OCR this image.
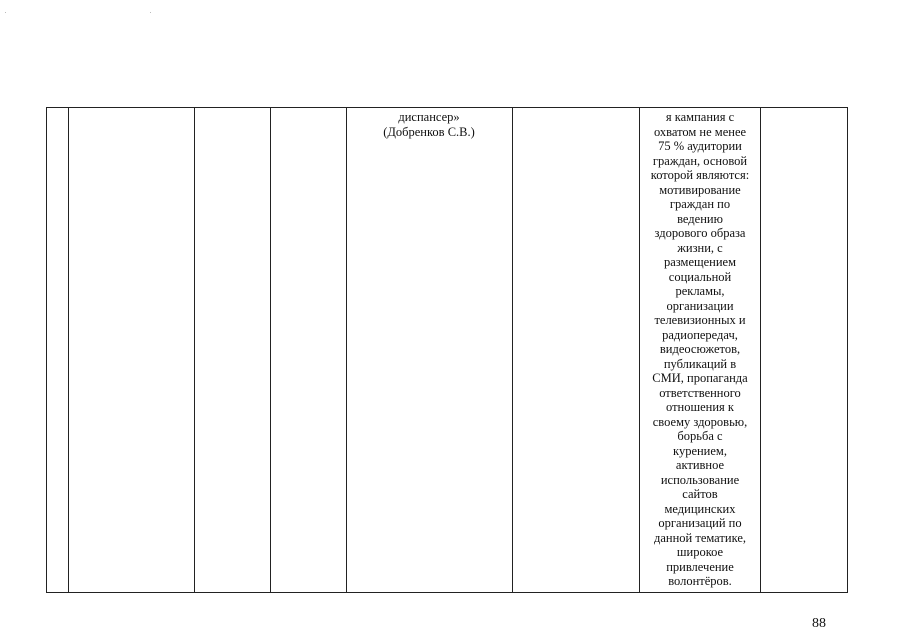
диспансер»
(Добренков С.В.)
я кампания с
охватом не менее
75 % аудитории
граждан, основой
которой являются:
мотивирование
граждан по
ведению
здорового образа
жизни, с
размещением
социальной
рекламы,
организации
телевизионных и
радиопередач,
видеосюжетов,
публикаций в
СМИ, пропаганда
ответственного
отношения к
своему здоровью,
борьба с
курением,
активное
использование
сайтов
медицинских
организаций по
данной тематике,
широкое
привлечение
волонтёров.
88
